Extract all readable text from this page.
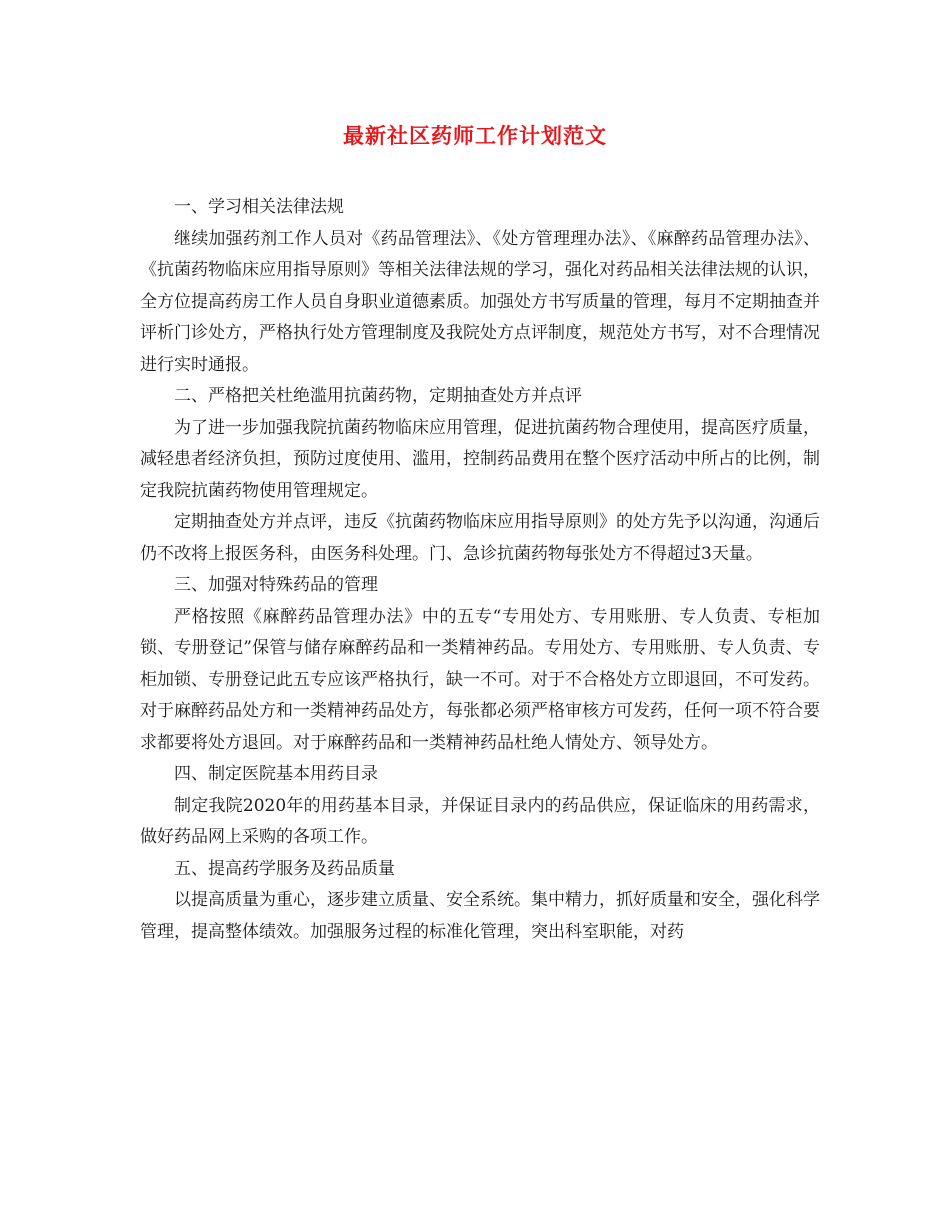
最新社区药师工作计划范文

一、学习相关法律法规

继续加强药剂工作人员对《药品管理法》、《处方管理理办法》、《麻醉药品管理办法》、《抗菌药物临床应用指导原则》等相关法律法规的学习，强化对药品相关法律法规的认识，全方位提高药房工作人员自身职业道德素质。加强处方书写质量的管理，每月不定期抽查并评析门诊处方，严格执行处方管理制度及我院处方点评制度，规范处方书写，对不合理情况进行实时通报。

二、严格把关杜绝滥用抗菌药物，定期抽查处方并点评

为了进一步加强我院抗菌药物临床应用管理，促进抗菌药物合理使用，提高医疗质量，减轻患者经济负担，预防过度使用、滥用，控制药品费用在整个医疗活动中所占的比例，制定我院抗菌药物使用管理规定。

定期抽查处方并点评，违反《抗菌药物临床应用指导原则》的处方先予以沟通，沟通后仍不改将上报医务科，由医务科处理。门、急诊抗菌药物每张处方不得超过3天量。

三、加强对特殊药品的管理

严格按照《麻醉药品管理办法》中的五专“专用处方、专用账册、专人负责、专柜加锁、专册登记”保管与储存麻醉药品和一类精神药品。专用处方、专用账册、专人负责、专柜加锁、专册登记此五专应该严格执行，缺一不可。对于不合格处方立即退回，不可发药。对于麻醉药品处方和一类精神药品处方，每张都必须严格审核方可发药，任何一项不符合要求都要将处方退回。对于麻醉药品和一类精神药品杜绝人情处方、领导处方。

四、制定医院基本用药目录

制定我院2020年的用药基本目录，并保证目录内的药品供应，保证临床的用药需求，做好药品网上采购的各项工作。

五、提高药学服务及药品质量

以提高质量为重心，逐步建立质量、安全系统。集中精力，抓好质量和安全，强化科学管理，提高整体绩效。加强服务过程的标准化管理，突出科室职能，对药
